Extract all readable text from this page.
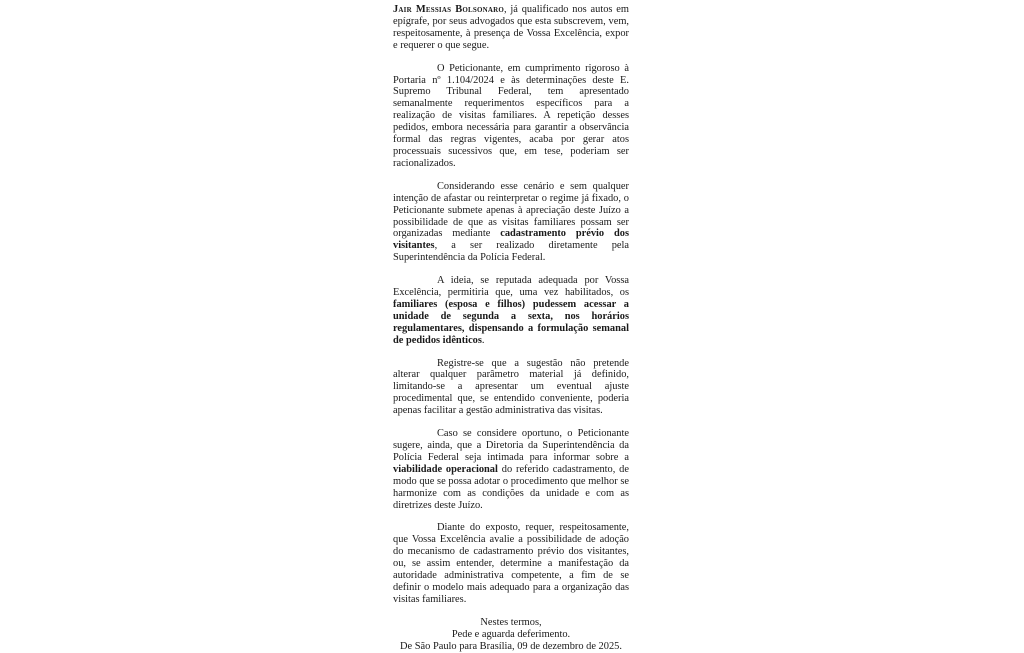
Jair Messias Bolsonaro, já qualificado nos autos em epígrafe, por seus advogados que esta subscrevem, vem, respeitosamente, à presença de Vossa Excelência, expor e requerer o que segue.

O Peticionante, em cumprimento rigoroso à Portaria nº 1.104/2024 e às determinações deste E. Supremo Tribunal Federal, tem apresentado semanalmente requerimentos específicos para a realização de visitas familiares. A repetição desses pedidos, embora necessária para garantir a observância formal das regras vigentes, acaba por gerar atos processuais sucessivos que, em tese, poderiam ser racionalizados.

Considerando esse cenário e sem qualquer intenção de afastar ou reinterpretar o regime já fixado, o Peticionante submete apenas à apreciação deste Juízo a possibilidade de que as visitas familiares possam ser organizadas mediante cadastramento prévio dos visitantes, a ser realizado diretamente pela Superintendência da Polícia Federal.

A ideia, se reputada adequada por Vossa Excelência, permitiria que, uma vez habilitados, os familiares (esposa e filhos) pudessem acessar a unidade de segunda a sexta, nos horários regulamentares, dispensando a formulação semanal de pedidos idênticos.

Registre-se que a sugestão não pretende alterar qualquer parâmetro material já definido, limitando-se a apresentar um eventual ajuste procedimental que, se entendido conveniente, poderia apenas facilitar a gestão administrativa das visitas.

Caso se considere oportuno, o Peticionante sugere, ainda, que a Diretoria da Superintendência da Polícia Federal seja intimada para informar sobre a viabilidade operacional do referido cadastramento, de modo que se possa adotar o procedimento que melhor se harmonize com as condições da unidade e com as diretrizes deste Juízo.

Diante do exposto, requer, respeitosamente, que Vossa Excelência avalie a possibilidade de adoção do mecanismo de cadastramento prévio dos visitantes, ou, se assim entender, determine a manifestação da autoridade administrativa competente, a fim de se definir o modelo mais adequado para a organização das visitas familiares.

Nestes termos,
Pede e aguarda deferimento.
De São Paulo para Brasília, 09 de dezembro de 2025.
